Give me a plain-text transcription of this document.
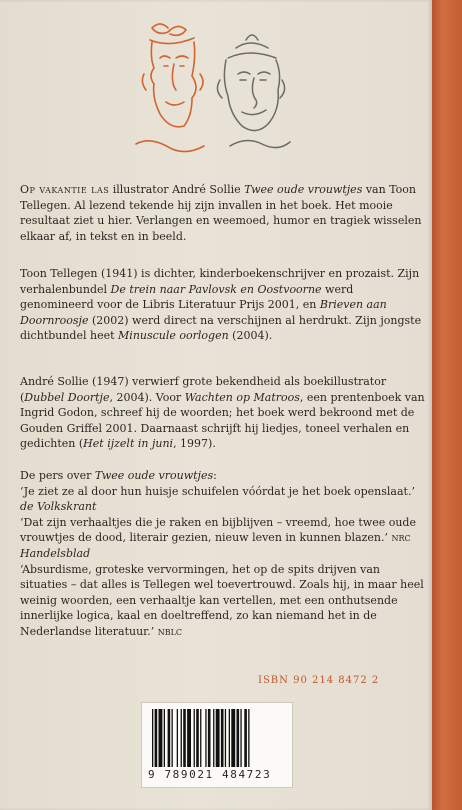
Op vakantie las illustrator André Sollie Twee oude vrouwtjes van Toon Tellegen. Al lezend tekende hij zijn invallen in het boek. Het mooie resultaat ziet u hier. Verlangen en weemoed, humor en tragiek wisselen elkaar af, in tekst en in beeld.

Toon Tellegen (1941) is dichter, kinderboekenschrijver en prozaist. Zijn verhalenbundel De trein naar Pavlovsk en Oostvoorne werd genomineerd voor de Libris Literatuur Prijs 2001, en Brieven aan Doornroosje (2002) werd direct na verschijnen al herdrukt. Zijn jongste dichtbundel heet Minuscule oorlogen (2004).

André Sollie (1947) verwierf grote bekendheid als boekillustrator (Dubbel Doortje, 2004). Voor Wachten op Matroos, een prentenboek van Ingrid Godon, schreef hij de woorden; het boek werd bekroond met de Gouden Griffel 2001. Daarnaast schrijft hij liedjes, toneel verhalen en gedichten (Het ijzelt in juni, 1997).

De pers over Twee oude vrouwtjes:

‘Je ziet ze al door hun huisje schuifelen vóórdat je het boek openslaat.’ de Volkskrant

‘Dat zijn verhaaltjes die je raken en bijblijven – vreemd, hoe twee oude vrouwtjes de dood, literair gezien, nieuw leven in kunnen blazen.’ nrc Handelsblad

‘Absurdisme, groteske vervormingen, het op de spits drijven van situaties – dat alles is Tellegen wel toevertrouwd. Zoals hij, in maar heel weinig woorden, een verhaaltje kan vertellen, met een onthutsende innerlijke logica, kaal en doeltreffend, zo kan niemand het in de Nederlandse literatuur.’ nblc

ISBN 90 214 8472 2
9 789021 484723
